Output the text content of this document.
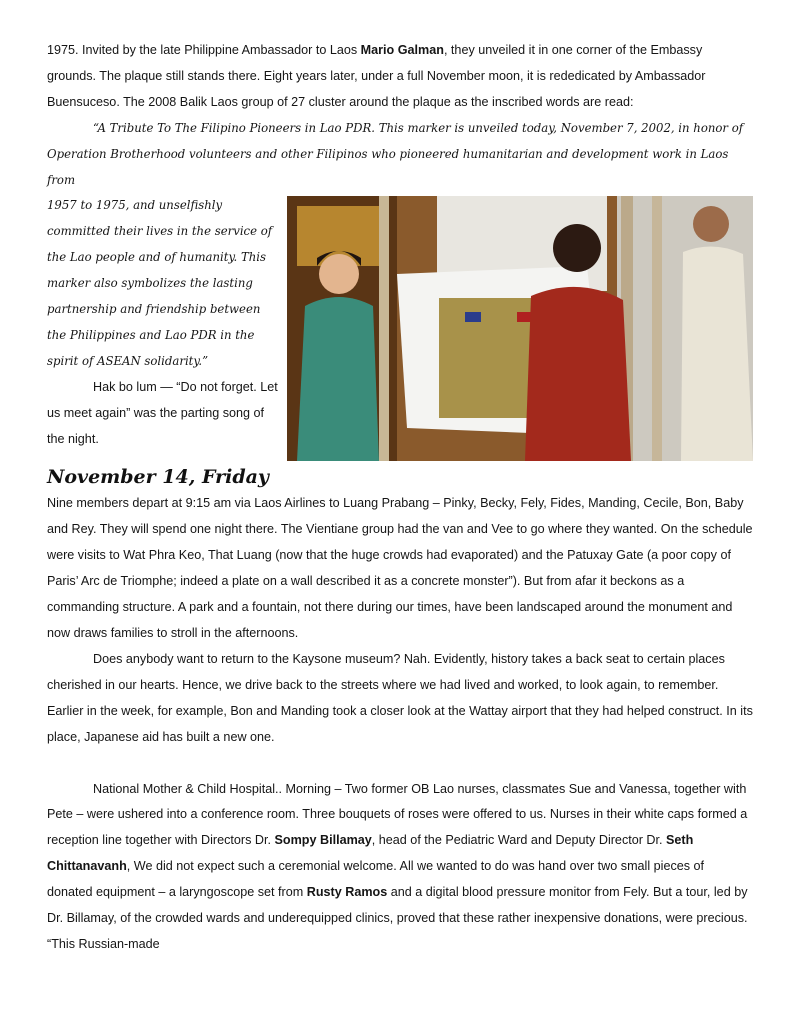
1975. Invited by the late Philippine Ambassador to Laos Mario Galman, they unveiled it in one corner of the Embassy grounds. The plaque still stands there. Eight years later, under a full November moon, it is rededicated by Ambassador Buensuceso. The 2008 Balik Laos group of 27 cluster around the plaque as the inscribed words are read:

“A Tribute To The Filipino Pioneers in Lao PDR. This marker is unveiled today, November 7, 2002, in honor of Operation Brotherhood volunteers and other Filipinos who pioneered humanitarian and development work in Laos from

1957 to 1975, and unselfishly committed their lives in the service of the Lao people and of humanity. This marker also symbolizes the lasting partnership and friendship between the Philippines and Lao PDR in the spirit of ASEAN solidarity.”

Hak bo lum — “Do not forget. Let us meet again” was the parting song of the night.

November 14, Friday

Nine members depart at 9:15 am via Laos Airlines to Luang Prabang – Pinky, Becky, Fely, Fides, Manding, Cecile, Bon, Baby and Rey. They will spend one night there. The Vientiane group had the van and Vee to go where they wanted. On the schedule were visits to Wat Phra Keo, That Luang (now that the huge crowds had evaporated) and the Patuxay Gate (a poor copy of Paris’ Arc de Triomphe; indeed a plate on a wall described it as a concrete monster”). But from afar it beckons as a commanding structure. A park and a fountain, not there during our times, have been landscaped around the monument and now draws families to stroll in the afternoons.

Does anybody want to return to the Kaysone museum? Nah. Evidently, history takes a back seat to certain places cherished in our hearts. Hence, we drive back to the streets where we had lived and worked, to look again, to remember. Earlier in the week, for example, Bon and Manding took a closer look at the Wattay airport that they had helped construct. In its place, Japanese aid has built a new one.

National Mother & Child Hospital.. Morning – Two former OB Lao nurses, classmates Sue and Vanessa, together with Pete – were ushered into a conference room. Three bouquets of roses were offered to us. Nurses in their white caps formed a reception line together with Directors Dr. Sompy Billamay, head of the Pediatric Ward and Deputy Director Dr. Seth Chittanavanh, We did not expect such a ceremonial welcome. All we wanted to do was hand over two small pieces of donated equipment – a laryngoscope set from Rusty Ramos and a digital blood pressure monitor from Fely. But a tour, led by Dr. Billamay, of the crowded wards and underequipped clinics, proved that these rather inexpensive donations, were precious. “This Russian-made
